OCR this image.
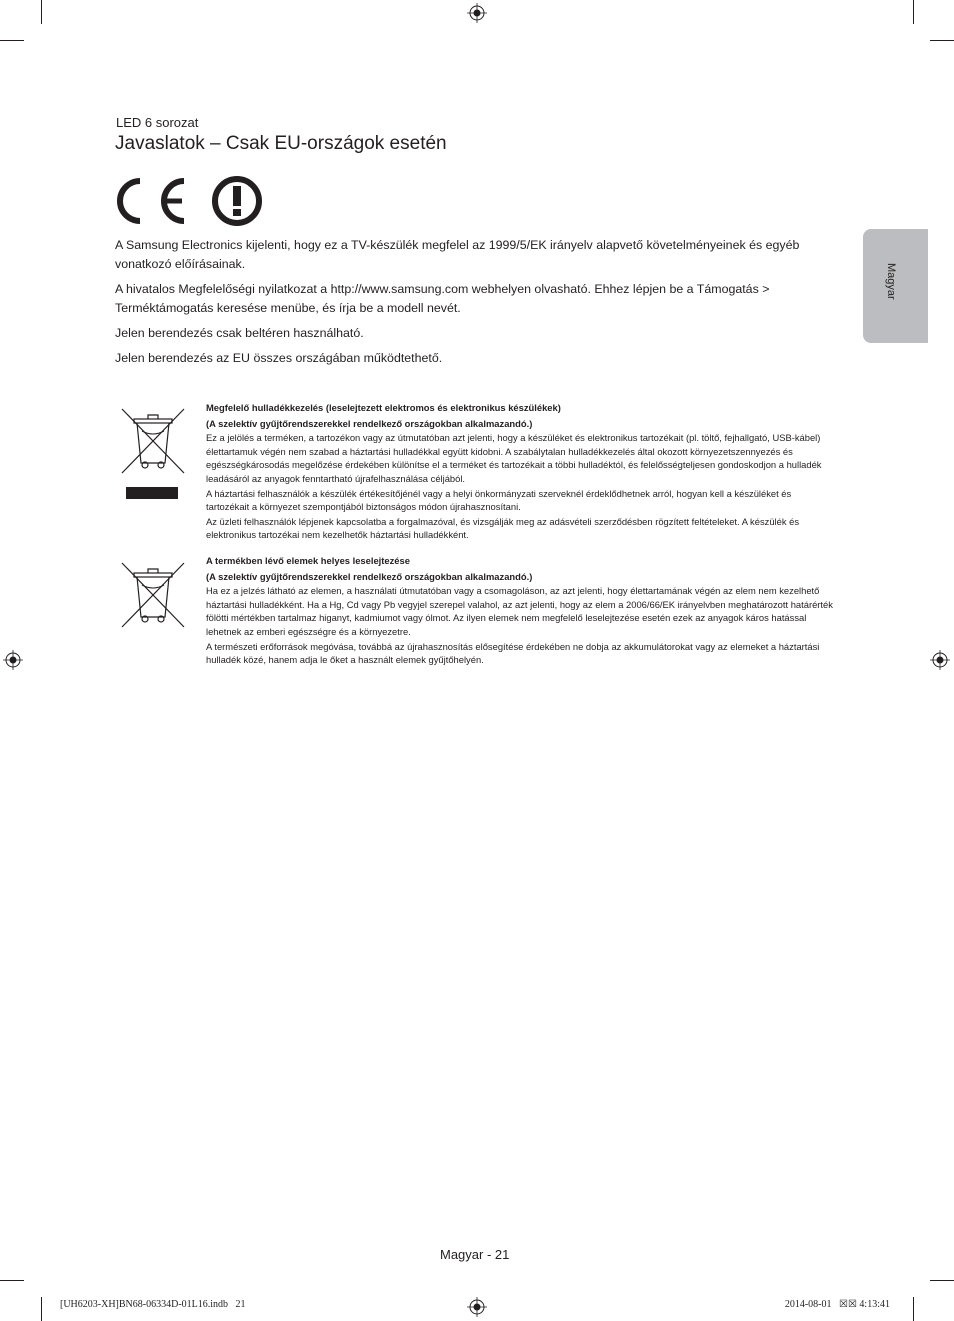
LED 6 sorozat
Javaslatok – Csak EU-országok esetén

A Samsung Electronics kijelenti, hogy ez a TV-készülék megfelel az 1999/5/EK irányelv alapvető követelményeinek és egyéb vonatkozó előírásainak.

A hivatalos Megfelelőségi nyilatkozat a http://www.samsung.com webhelyen olvasható. Ehhez lépjen be a Támogatás > Terméktámogatás keresése menübe, és írja be a modell nevét.

Jelen berendezés csak beltéren használható.

Jelen berendezés az EU összes országában működtethető.

Magyar

Megfelelő hulladékkezelés (leselejtezett elektromos és elektronikus készülékek)

(A szelektív gyűjtőrendszerekkel rendelkező országokban alkalmazandó.)

Ez a jelölés a terméken, a tartozékon vagy az útmutatóban azt jelenti, hogy a készüléket és elektronikus tartozékait (pl. töltő, fejhallgató, USB-kábel) élettartamuk végén nem szabad a háztartási hulladékkal együtt kidobni. A szabálytalan hulladékkezelés által okozott környezetszennyezés és egészségkárosodás megelőzése érdekében különítse el a terméket és tartozékait a többi hulladéktól, és felelősségteljesen gondoskodjon a hulladék leadásáról az anyagok fenntartható újrafelhasználása céljából.

A háztartási felhasználók a készülék értékesítőjénél vagy a helyi önkormányzati szerveknél érdeklődhetnek arról, hogyan kell a készüléket és tartozékait a környezet szempontjából biztonságos módon újrahasznosítani.

Az üzleti felhasználók lépjenek kapcsolatba a forgalmazóval, és vizsgálják meg az adásvételi szerződésben rögzített feltételeket. A készülék és elektronikus tartozékai nem kezelhetők háztartási hulladékként.

A termékben lévő elemek helyes leselejtezése

(A szelektív gyűjtőrendszerekkel rendelkező országokban alkalmazandó.)

Ha ez a jelzés látható az elemen, a használati útmutatóban vagy a csomagoláson, az azt jelenti, hogy élettartamának végén az elem nem kezelhető háztartási hulladékként. Ha a Hg, Cd vagy Pb vegyjel szerepel valahol, az azt jelenti, hogy az elem a 2006/66/EK irányelvben meghatározott határérték fölötti mértékben tartalmaz higanyt, kadmiumot vagy ólmot. Az ilyen elemek nem megfelelő leselejtezése esetén ezek az anyagok káros hatással lehetnek az emberi egészségre és a környezetre.

A természeti erőforrások megóvása, továbbá az újrahasznosítás elősegítése érdekében ne dobja az akkumulátorokat vagy az elemeket a háztartási hulladék közé, hanem adja le őket a használt elemek gyűjtőhelyén.

Magyar - 21
[UH6203-XH]BN68-06334D-01L16.indb   21	2014-08-01   ☒☒ 4:13:41
